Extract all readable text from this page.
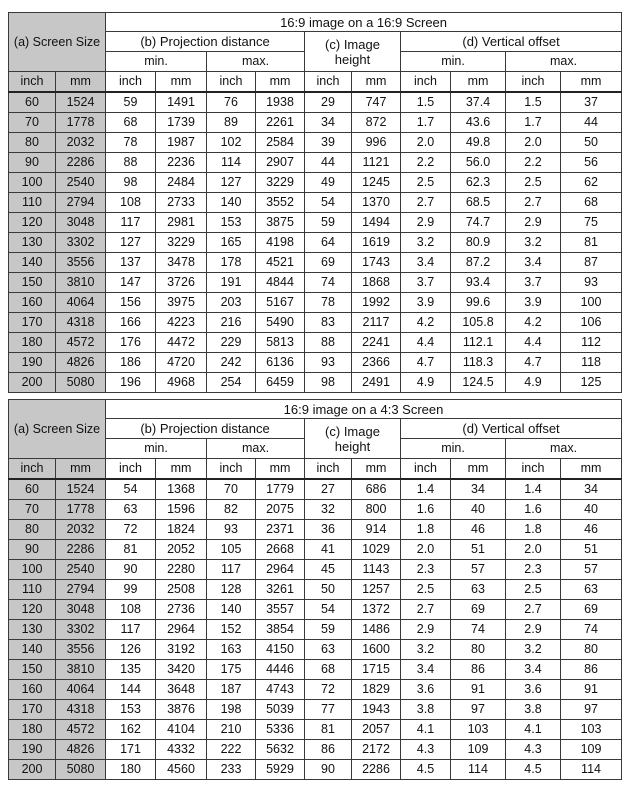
(a) Screen Size		16:9 image on a 16:9 Screen									
		(b) Projection distance				(c) Image height		(d) Vertical offset			
		min.		max.				min.		max.	
inch	mm	inch	mm	inch	mm	inch	mm	inch	mm	inch	mm
60	1524	59	1491	76	1938	29	747	1.5	37.4	1.5	37
70	1778	68	1739	89	2261	34	872	1.7	43.6	1.7	44
80	2032	78	1987	102	2584	39	996	2.0	49.8	2.0	50
90	2286	88	2236	114	2907	44	1121	2.2	56.0	2.2	56
100	2540	98	2484	127	3229	49	1245	2.5	62.3	2.5	62
110	2794	108	2733	140	3552	54	1370	2.7	68.5	2.7	68
120	3048	117	2981	153	3875	59	1494	2.9	74.7	2.9	75
130	3302	127	3229	165	4198	64	1619	3.2	80.9	3.2	81
140	3556	137	3478	178	4521	69	1743	3.4	87.2	3.4	87
150	3810	147	3726	191	4844	74	1868	3.7	93.4	3.7	93
160	4064	156	3975	203	5167	78	1992	3.9	99.6	3.9	100
170	4318	166	4223	216	5490	83	2117	4.2	105.8	4.2	106
180	4572	176	4472	229	5813	88	2241	4.4	112.1	4.4	112
190	4826	186	4720	242	6136	93	2366	4.7	118.3	4.7	118
200	5080	196	4968	254	6459	98	2491	4.9	124.5	4.9	125
(a) Screen Size		16:9 image on a 4:3 Screen									
		(b) Projection distance				(c) Image height		(d) Vertical offset			
		min.		max.				min.		max.	
inch	mm	inch	mm	inch	mm	inch	mm	inch	mm	inch	mm
60	1524	54	1368	70	1779	27	686	1.4	34	1.4	34
70	1778	63	1596	82	2075	32	800	1.6	40	1.6	40
80	2032	72	1824	93	2371	36	914	1.8	46	1.8	46
90	2286	81	2052	105	2668	41	1029	2.0	51	2.0	51
100	2540	90	2280	117	2964	45	1143	2.3	57	2.3	57
110	2794	99	2508	128	3261	50	1257	2.5	63	2.5	63
120	3048	108	2736	140	3557	54	1372	2.7	69	2.7	69
130	3302	117	2964	152	3854	59	1486	2.9	74	2.9	74
140	3556	126	3192	163	4150	63	1600	3.2	80	3.2	80
150	3810	135	3420	175	4446	68	1715	3.4	86	3.4	86
160	4064	144	3648	187	4743	72	1829	3.6	91	3.6	91
170	4318	153	3876	198	5039	77	1943	3.8	97	3.8	97
180	4572	162	4104	210	5336	81	2057	4.1	103	4.1	103
190	4826	171	4332	222	5632	86	2172	4.3	109	4.3	109
200	5080	180	4560	233	5929	90	2286	4.5	114	4.5	114
